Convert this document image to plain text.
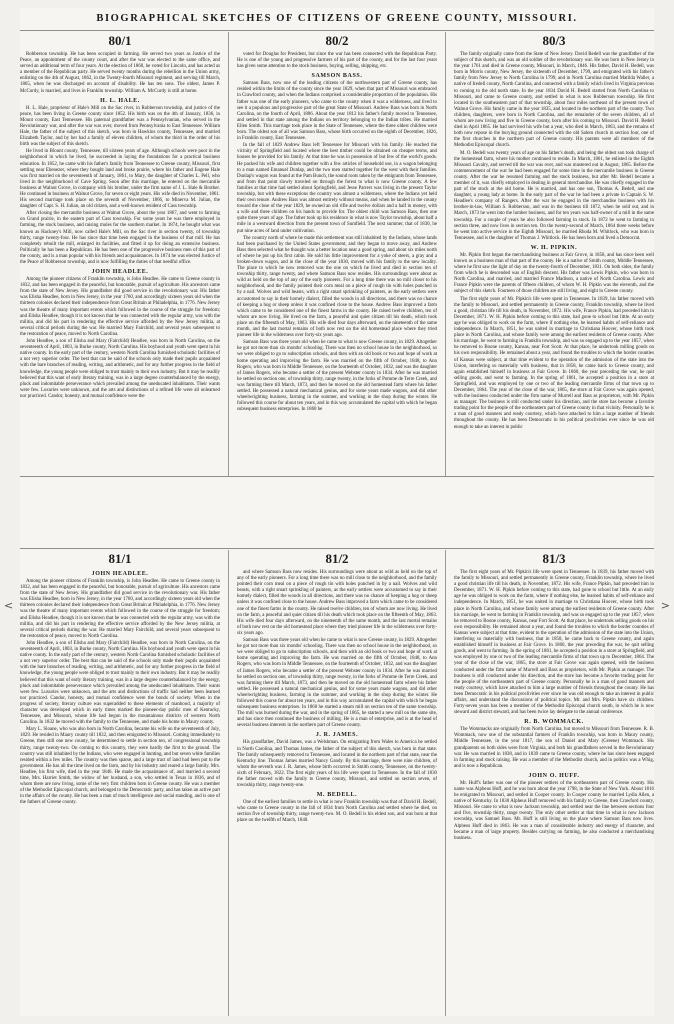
BIOGRAPHICAL SKETCHES OF CITIZENS OF GREENE COUNTY, MISSOURI.
80/1
Robberson township. He has been occupied in farming. He served two years as Justice of the Peace, an appointment of the county court, and after the war was elected to the same office, and served an additional term of four years. At the election of 1860, he voted for Lincoln, and has acted as a member of the Republican party. He served twenty months during the rebellion in the Union army, enlisting on the 4th of August, 1862, in the Twenty-fourth Missouri regiment, and serving till March, 1865, when he was discharged on account of disability. He has ten sons. The oldest, James P. McCurdy, is married, and lives in Franklin township. William A. McCurdy is still at home.
H. L. HALE.
H. L. Hale, proprietor of Hale's Mill on the Sac river, in Robberson township, and justice of the peace, has been living in Greene county since 1852. His birth was on the 4th of January, 1836, in Mount county, East Tennessee. His paternal grandfather was a Pennsylvanian, who served in the Revolutionary war, and after the war was over, moved from Pennsylvania to East Tennessee. William Hale, the father of the subject of this sketch, was born in Hawkins county, Tennessee, and married Elizabeth Taylor, and by her had a family of eleven children, of whom the third in the order of his birth was the subject of this sketch.
He lived in Blount county, Tennessee, till sixteen years of age. Although schools were poor in the neighborhood in which he lived, he succeeded in laying the foundations for a practical business education. In 1852, he came with his father's family from Tennessee to Greene county, Missouri, first settling near Ebenezer, where they bought land and broke prairie, where his father and Eugene Hale was first married on the seventeenth of January, 1861, to Mary, the daughter of Charles L. Pell, who lived in the neighborhood of Cave Spring. Soon after this marriage, he entered on the mercantile business at Walnut Grove, in company with his brother, under the firm name of J. L. Hale & Brother. He continued in business at Walnut Grove, for seven or eight years. His wife died in November, 1861. His second marriage took place on the seventh of November, 1866, to Minerva M. Julian, the daughter of Capt. S. H. Julian, an old citizen, and a well-known resident of Cass township.
After closing the mercantile business at Walnut Grove, about the year 1867, and went to farming on Grand prairie, in the eastern part of Cass township. For some years he was there employed in farming, the stock business, and raising mules for the southern market. In 1874, he bought what was known as Hackney's Mill, now called Hale's Mill, on the Sac river in section twenty, of township thirty, range twenty-four. He has since that time been engaged in the business of that mill. He has completely rebuilt the mill, enlarged its facilities, and fitted it up for doing an extensive business. Politically he has been a Republican. He has been one of the progressive business men of this part of the county, and is a man popular with his friends and acquaintances. In 1874 he was elected Justice of the Peace of Robberson township, and is now fulfilling the duties of that needful office.
JOHN HEADLEE.
Among the pioneer citizens of Franklin township, is John Headlee. He came to Greene county in 1832, and has been engaged in the peaceful, but honorable, pursuit of agriculture. His ancestors came from the state of New Jersey. His grandfather did good service in the revolutionary war. His father was Elisha Headlee, born in New Jersey, in the year 1760, and accordingly sixteen years old when the thirteen colonies declared their independence from Great Britain at Philadelphia, in 1776. New Jersey was the theatre of many important events which followed in the course of the struggle for freedom; and Elisha Headlee, though it is not known that he was connected with the regular army, was with the militia, and did his part in rendering the effective service afforded by the New Jersey militia, at several critical periods during the war. He married Mary Fairchild, and several years subsequent to the restoration of peace, moved to North Carolina.
John Headlee, a son of Elisha and Mary (Fairchild) Headlee, was born in North Carolina, on the seventeenth of April, 1803, in Burke county, North Carolina. His boyhood and youth were spent in his native county. In the early part of the century, western North Carolina furnished scholastic facilities of a not very superior order. The best that can be said of the schools only made their pupils acquainted with the bare branches of reading, writing, and arithmetic, and for any further progress in the field of knowledge, the young people were obliged to trust mainly to their own industry. But it may be readily believed that this want of early literary training, was in a large degree counterbalanced by the energy, pluck and indomitable perseverance which prevailed among the uneducated inhabitants. Their wants were few. Luxuries were unknown, and the arts and distinctions of a refined life were all unlearned nor practiced. Candor, honesty, and mutual confidence were the
80/2
voted for Douglas for President, but since the war has been connected with the Republican Party. He is one of the young and progressive farmers of his part of the county, and for the last four years has given some attention to the stock business, buying, selling, shipping, etc.
SAMSON BASS.
Samson Bass, now one of the leading citizens of the northwestern part of Greene county, has resided within the limits of the county since the year 1829, when that part of Missouri was embraced in Crawford county, and when the Indians comprised a considerable proportion of the population. His father was one of the early pioneers, who came to the county when it was a wilderness, and lived to see it a populous and progressive part of the great State of Missouri. Andrew Bass was born in North Carolina, on the fourth of April, 1806. About the year 1812 his father's family moved to Tennessee, and settled in that state among the Indians on territory belonging to the Indian tribes. He married Ellen Smith. This marriage took place in the State of Tennessee, where the three oldest children were born. The oldest son of all was Samson Bass, whose birth occurred on the eighth of December, 1826, in Franklin county, East Tennessee.
In the fall of 1829 Andrew Bass left Tennessee for Missouri with his family. He reached the vicinity of Springfield and located where the best timber could be obtained on cheaper terms, and houses be provided for his family. At that time he was in possession of but few of the world's goods. He packed his wife and children together with a few articles of household use, in a wagon belonging to a man named Emanuel Dunlap, and the two men started together for the west with their families. Dunlap's wagon was found at the Pam Bunch, the sound roots taken by the emigrants from Tennessee, and from that point slowly traveled on through the forest to what is now Greene county. A few families at that time had settled about Springfield, and Jesse Parrers was living in the present Taylor township, but with these exceptions the country was almost a wilderness, where the Indians yet held their own tenure. Andrew Bass was almost entirely without means, and when he landed in the county toward the close of the year 1829, he owned an old rifle and twelve dollars and a half in money, with a wife and three children on his hands to provide for. The oldest child was Samson Bass, then one quite three years of age. The father took up his residence in what is now Taylor township, about half a mile in a westward direction from the present town of Sumfield. The next summer, that of 1830, he put nine acres of land under cultivation.
The country north of where he made this settlement was still inhabited by the Indians, whose lands had been purchased by the United States government, and they began to move away, and Andrew Bass then selected what he thought was a better location near a good spring, and about six miles north of where he put up his first cabin. He sold his little improvement for a yoke of steers, a gray and a broken-down wagon, and in the close of the year 1830, moved with his family to the new locality. The place to which he now removed was the one on which he lived and died in section ten of township thirty, range twenty, and where Samson Bass now resides. His surroundings were about as wild as held on the top of any of the early pioneers. For a long time there was no mill closer to his neighborhood, and the family pointed their corn meal on a piece of rough tin with holes punched in by a nail. Wolves and wild beasts, with a right smart sprinkling of painters, as the early settlers were accustomed to say in their homely dialect, filled the woods in all directions, and there was no chance of keeping a hog or sheep unless it was confined close to the house. Andrew Bass improved a farm which came to be considered one of the finest farms in the county. He raised twelve children, ten of whom are now living. He lived on the farm, a peaceful and quiet citizen till his death, which took place on the fifteenth of May, 1863. His wife died four days afterward, on the nineteenth of the same month, and the last mortal remains of both now rest on the old homestead place where they tried pioneer life in the wilderness over forty-six years ago.
Samson Bass was three years old when he came to what is now Greene county, in 1829. Altogether he got not more than six months' schooling. There was then no school house in the neighborhood, so we were obliged to go to subscription schools, and then with an old book or two and hope of work at home operating and improving the farm. He was married on the fifth of October, 1848, to Ann Rogers, who was born in Middle Tennessee, on the fourteenth of October, 1832, and was the daughter of James Rogers, who became a settler of the present Webster county in 1834. After he was married he settled on section one, of township thirty, range twenty, in the forks of Pomme de Terre Creek, and was farming there till March, 1873, and then he moved on the old homestead farm where his father settled. He possessed a natural mechanical genius, and for some years made wagons, and did other wheelwrighting business, farming in the summer, and working in the shop during the winter. He followed this course for about ten years, and in this way accumulated the capital with which he began subsequent business enterprises. In 1860 he
80/3
The family originally came from the State of New Jersey. David Bedell was the grandfather of the subject of this sketch, and was an old soldier of the revolutionary war. He was born in New Jersey in the year 1761 and died in Greene county, Missouri, in March, 1846. His father, David H. Bedell, was born in Morris county, New Jersey, the sixteenth of December, 1799, and emigrated with his father's family from New Jersey to North Carolina in 1799, and in North Carolina married Matilda Waller, a native of Iredell county, North Carolina, and connected with a family which lived in Virginia previous to coming to the old north state. In the year 1834 David H. Bedell started from North Carolina to Missouri, and came to Greene county, and settled in what is now Robberson township. He first located in the southeastern part of that township, about four miles northeast of the present town of Walnut Grove. His family came in the year 1835, and located in the northern part of the county. Two children, daughters, were born in North Carolina, and the remainder of the seven children, all of whom are now living and five in Greene county, born after his coming to Missouri. David H. Bedell died in April 1865. He had survived his wife but a year, who died in March, 1863, and the remains of both now repose in the burying ground connected with the old Salem church in section four, one of the first churches in the northern part of Greene county. His parents were all members of the Methodist Episcopal church.
M. O. Bedell was twenty years of age on his father's death, and being the oldest son took charge of the homestead farm, where his mother continued to reside. In March, 1861, he enlisted in the Eighth Missouri Cavalry, and served till the war was over, and was mustered out in August, 1865. Before the commencement of the war he had been engaged for some time in the mercantile business in Greene county. After the war he resumed farming and the stock business, but after Mr. Bedell became a member of it, was chiefly employed in dealing in general merchandise. He was chiefly engaged in the part of the stock at the old home. He is married, and has one son, Thomas A. Bedell, and one daughter, a young lady at home. In the early part of the war he had been a private in Captain S. W. Headlee's company of Rangers. After the war he engaged in the merchandise business with his brother-in-law, William S. Robberson, and was in the business till 1872, when he sold out, and in March, 1873 he went into the lumber business, and for ten years was half-owner of a mill in the same township. For a couple of years he also followed farming in stock. In 1872 he went to farming in section three, and now lives in section ten. On the twenty-second of March, 1864 three weeks before he went into active service in the Eighth Missouri, he married Rhoda M. Whitlock, who was born in Tennessee, and is the daughter of Thomas J. Whitlock. He has been born and lived a Democrat.
W. H. PIPKIN.
Mr. Pipkin first began the merchandising business at Fair Grove, in 1858, and has since been well known as a business man of that part of the county. He is a native of Smith county, Middle Tennessee, where he first saw the light of day on the twenty-fourth of December, 1831. On both sides, the family from which he is descended was of English descent. His father was Lewis Pipkin, who was born in North Carolina, and married, and married France Madison, a native of North Carolina. Lewis and France Pipkin were the parents of fifteen children, of whom W. H. Pipkin was the eleventh, and the subject of this sketch. Fourteen of those children are still living, and eight in Greene county.
The first eight years of Mr. Pipkin's life were spent in Tennessee. In 1839, his father moved with the family to Missouri, and settled permanently in Greene county, Franklin township, where he lived a good, christian life till his death, in November, 1872. His wife, France Pipkin, had preceded him in December, 1871. W. H. Pipkin before coming to this state, had gone to school but little. At an early age he was obliged to work on the farm, where if nothing else, he learned habits of self-reliance and independence. In March, 1851, he was united in marriage to Christiana Hoover, whose birth took place in North Carolina, and whose family were among the earliest residents of Greene county. After his marriage, he went to farming in Franklin township, and was so engaged up to the year 1857, when he removed to Boone county, Kansas, near Fort Scott. At that place, he undertook milling goods on his own responsibility. He remained about a year, and found the troubles to which the border counties of Kansas were subject, at that time evident to the operation of the admission of the state into the Union, interfering so materially with business, that in 1858, he came back to Greene county, and again established himself in business at Fair Grove. In 1860, the year preceding the war, he quit selling goods, and went to farming. In the spring of 1861, he accepted a position in a store at Springfield, and was employed by one or two of the leading mercantile firms of that town up to December, 1864. The year of the close of the war, 1865, the store at Fair Grove was again opened, with the business conducted under the firm name of Murrell and Bass as proprietors, with Mr. Pipkin as manager. The business is still conducted under his direction, and the store has become a favorite trading point for the people of the northeastern part of Greene county in that vicinity. Personally he is a man of good manners and ready courtesy, which have attached to him a large number of friends throughout the county. He has been Democratic in his political proclivities ever since he was old enough to take an interest in public
81/1
JOHN HEADLEE.
Among the pioneer citizens of Franklin township, is John Headlee. He came to Greene county in 1832, and has been engaged in the peaceful, but honorable, pursuit of agriculture. His ancestors came from the state of New Jersey. His grandfather did good service in the revolutionary war. His father was Elisha Headlee, born in New Jersey, in the year 1760, and accordingly sixteen years old when the thirteen colonies declared their independence from Great Britain at Philadelphia, in 1776. New Jersey was the theatre of many important events which followed in the course of the struggle for freedom; and Elisha Headlee, though it is not known that he was connected with the regular army, was with the militia, and did his part in rendering the effective service afforded by the New Jersey militia, at several critical periods during the war. He married Mary Fairchild, and several years subsequent to the restoration of peace, moved to North Carolina.
John Headlee, a son of Elisha and Mary (Fairchild) Headlee, was born in North Carolina, on the seventeenth of April, 1803, in Burke county, North Carolina. His boyhood and youth were spent in his native county. In the early part of the century, western North Carolina furnished scholastic facilities of a not very superior order. The best that can be said of the schools only made their pupils acquainted with the bare branches of reading, writing, and arithmetic, and for any further progress in the field of knowledge, the young people were obliged to trust mainly to their own industry. But it may be readily believed that this want of early literary training, was in a large degree counterbalanced by the energy, pluck and indomitable perseverance which prevailed among the uneducated inhabitants. Their wants were few. Luxuries were unknown, and the arts and distinctions of traffic had neither been learned nor practiced. Candor, honesty, and mutual confidence were the bonds of society. When in the progress of society, literary culture was superadded to these elements of manhood, a majority of character was developed which in early times marked the pioneer-day public men of Kentucky, Tennessee, and Missouri, whose life had begun in the mountainous districts of western North Carolina. In 1832 he moved with the family to the Tennessee, and made his home in Maury county.
Mary L. Sloane, who was also born in North Carolina, became his wife on the seventeenth of July, 1829. He resided in Maury county till 1832, and then emigrated to Missouri. Coming immediately to Greene, then still one new county, he determined to settle in section ten, of congressional township thirty, range twenty-two. On coming to this country, they were hardly the first to the ground. The country was still inhabited by the Indians, who were engaged in hunting, and but seven white families resided within a few miles. The country was then sparse, and a large tract of land had been put to the government. He has all the time lived on the farm, and by his industry and reared a large family. Mrs. Headlee, his first wife, died in the year 1846. He made the acquaintance of, and married a second time, Mrs. Harriet Smith, the widow of her husband, a son, who settled in Texas in 1836, and of whom there are now living, some of the very first children born in Greene county. He was a member of the Methodist Episcopal church, and belonged to the Democratic party, and has taken an active part in the affairs of the county. He has been a man of much intelligence and social standing, and is one of the fathers of Greene county.
81/2
and where Samson Bass now resides. His surroundings were about as wild as held on the top of any of the early pioneers. For a long time there was no mill close to the neighborhood, and the family pointed their corn meal on a piece of rough tin with holes punched in by a nail. Wolves and wild beasts, with a right smart sprinkling of painters, as the early settlers were accustomed to say in their homely dialect, filled the woods in all directions, and there was no chance of keeping a hog or sheep unless it was confined close to the house. Andrew Bass improved a farm which came to be considered one of the finest farms in the county. He raised twelve children, ten of whom are now living. He lived on the farm, a peaceful and quiet citizen till his death which took place on the fifteenth of May, 1863. His wife died four days afterward, on the nineteenth of the same month, and the last mortal remains of both now rest on the old homestead place where they tried pioneer life in the wilderness over forty-six years ago.
Samson Bass was three years old when he came to what is now Greene county, in 1829. Altogether he got not more than six months' schooling. There was then no school house in the neighborhood, so we were obliged to go to subscription schools, and then with an old book or two and hope of work at home operating and improving the farm. He was married on the fifth of October, 1848, to Ann Rogers, who was born in Middle Tennessee, on the fourteenth of October, 1832, and was the daughter of James Rogers, who became a settler of the present Webster county in 1834. After he was married he settled on section one, of township thirty, range twenty, in the forks of Pomme de Terre Creek, and was farming there till March, 1873, and then he moved on the old homestead farm where his father settled. He possessed a natural mechanical genius, and for some years made wagons, and did other wheelwrighting business, farming in the summer, and working in the shop during the winter. He followed this course for about ten years, and in this way accumulated the capital with which he began subsequent business enterprises. In 1860 he started a steam mill on section ten of the same township. The mill was burned during the war, and in the spring of 1865, he started a new mill on the same site, and has since then continued the business of milling. He is a man of enterprise, and is at the head of several business interests in the northern part of Greene county.
J. R. JAMES.
His grandfather, David James, was a Welshman. On emigrating from Wales to America he settled in North Carolina, and Thomas James, the father of the subject of this sketch, was born in that state. The family subsequently removed to Tennessee, and located in the northern part of that state, near the Kentucky line. Thomas James married Nancy Gandy. By this marriage, there were nine children, of whom the seventh was J. R. James, whose birth occurred in Smith county, Tennessee, on the twenty-sixth of February, 1822. The first eight years of his life were spent in Tennessee. In the fall of 1830 the father moved with the family to Greene county, Missouri, and settled on section seven, of township thirty, range twenty-one.
M. BEDELL.
One of the earliest families to settle in what is now Franklin township was that of David H. Bedell, who came to Greene county in the fall of 1834 from North Carolina and settled where he died, on section five of township thirty, range twenty-two. M. O. Bedell is his eldest son, and was born at that place on the twelfth of March, 1840.
81/3
The first eight years of Mr. Pipkin's life were spent in Tennessee. In 1839, his father moved with the family to Missouri, and settled permanently in Greene county, Franklin township, where he lived a good christian life till his death, in November, 1872. His wife, France Pipkin, had preceded him in December, 1871. W. H. Pipkin before coming to this state, had gone to school but little. At an early age he was obliged to work on the farm, where if nothing else, he learned habits of self-reliance and independence. In March, 1851, he was united in marriage to Christiana Hoover, whose birth took place in North Carolina, and whose family were among the earliest residents of Greene county. After his marriage, he went to farming in Franklin township, and was so engaged up to the year 1857, when he removed to Boone county, Kansas, near Fort Scott. At that place, he undertook selling goods on his own responsibility. He remained about a year, and found the troubles to which the border counties of Kansas were subject at that time, evident to the operation of the admission of the state into the Union, interfering so materially with business, that in 1858, he came back to Greene county, and again established himself in business at Fair Grove. In 1860, the year preceding the war, he quit selling goods, and went to farming. In the spring of 1861, he accepted a position in a store at Springfield, and was employed by one or two of the leading mercantile firms of that town up to December, 1864. The year of the close of the war, 1865, the store at Fair Grove was again opened, with the business conducted under the firm name of Murrell and Bass as proprietors, with Mr. Pipkin as manager. The business is still conducted under his direction, and the store has become a favorite trading point for the people of the northeastern part of Greene county. Personally he is a man of good manners and ready courtesy, which have attached to him a large number of friends throughout the county. He has been Democratic in his political proclivities ever since he was old enough to take an interest in public affairs, and understand the discussions of political topics. Mr. and Mrs. Pipkin have six children. Forty-seven years has been a member of the Methodist Episcopal church south, in which he is now steward and district steward, and has been twice lay delegate to the annual conference.
R. B. WOMMACK.
The Wommacks are originally from North Carolina, but moved to Missouri from Tennessee. R. B. Wommack, now one of the substantial farmers of Franklin township, was born in Maury county, Middle Tennessee, in the year 1817, the son of Daniel and Mary (Greene) Wommack. His grandparents on both sides were from Virginia, and both his grandfathers served in the Revolutionary war. He was married in 1838, and in 1839 came to Greene county, where he has since been engaged in farming and stock raising. He was a member of the Methodist church, and in politics was a Whig, and is now a Republican.
JOHN O. HUFF.
Mr. Huff's father was one of the pioneer settlers of the northeastern part of Greene county. His name was Alpheus Huff, and he was born about the year 1798, in the State of New York. About 1816 he emigrated to Missouri, and settled in Cooper county. In Cooper county he married Lydia Allen, a native of Kentucky. In 1830 Alpheus Huff removed with his family to Greene, then Crawford county, Missouri. He came to what is now Jackson township, and settled near the line between sections four and five, township thirty, range twenty. The only other settler at that time in what is now Jackson township, was Samuel Bass. Mr. Huff is still living on the place where Samson Bass now lives. Alpheus Huff died in 1863. He was a man of considerable industry and energy of character, and became a man of large property. Besides carrying on farming, he also conducted a merchandising business.
<	>
